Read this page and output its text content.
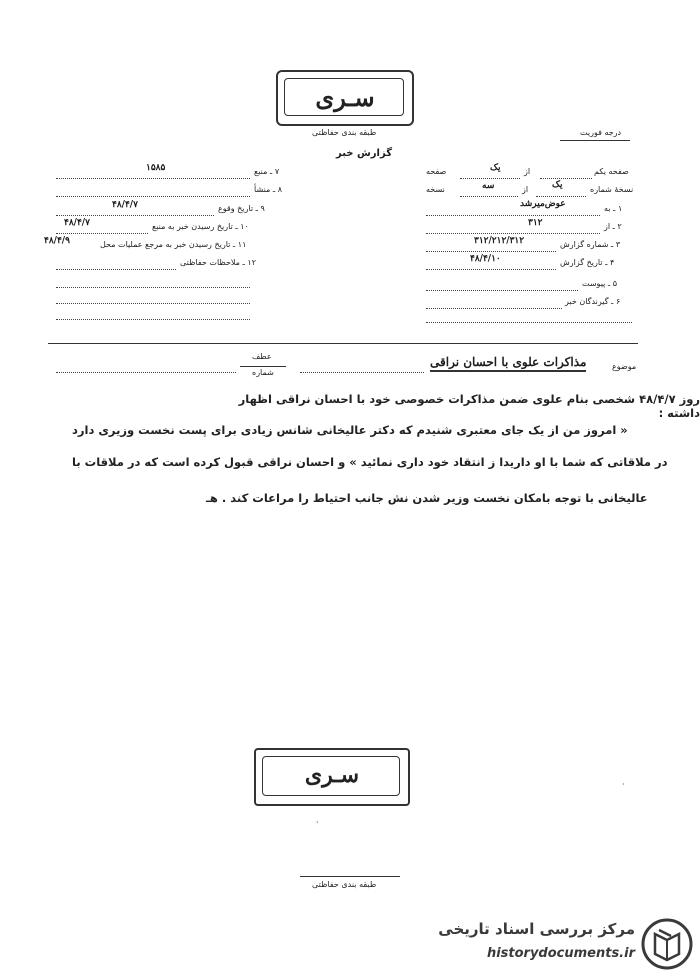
سـری
طبقه بندی حفاظتی	درجه فوریت
گزارش خبر
صفحه یکم
از
یک
صفحه
نسخهٔ شماره
یک
از
سه
نسخه
۱ ـ به
عوض‌میرشد
۲ ـ از
۳۱۲
۳ ـ شماره گزارش
۳۱۲/۲۱۲/۳۱۲
۴ ـ تاریخ گزارش
۴۸/۴/۱۰
۵ ـ پیوست
۶ ـ گیرندگان خبر
۷ ـ منبع
۱۵۸۵
۸ ـ منشأ
۹ ـ تاریخ وقوع
۴۸/۴/۷
۱۰ ـ تاریخ رسیدن خبر به منبع
۴۸/۴/۷
۱۱ ـ تاریخ رسیدن خبر به مرجع عملیات محل
۴۸/۴/۹
۱۲ ـ ملاحظات حفاظتی
موضوع
مذاکرات علوی با احسان نراقی
عطف
شماره
روز ۴۸/۴/۷ شخصی بنام علوی ضمن مذاکرات خصوصی خود با احسان نراقی اظهار داشته :
« امروز من از یک جای معتبری شنیدم که دکتر عالیخانی شانس زیادی برای پست نخست وزیری دارد
در ملاقاتی که شما با او داریدا ز انتقاد خود داری نمائید » و احسان نراقی قبول کرده است که در ملاقات با
عالیخانی با توجه بامکان نخست وزیر شدن نش جانب احتیاط را مراعات کند . هـ
سـری
طبقه بندی حفاظتی
·
·
مرکز بررسی اسناد تاریخی
historydocuments.ir
